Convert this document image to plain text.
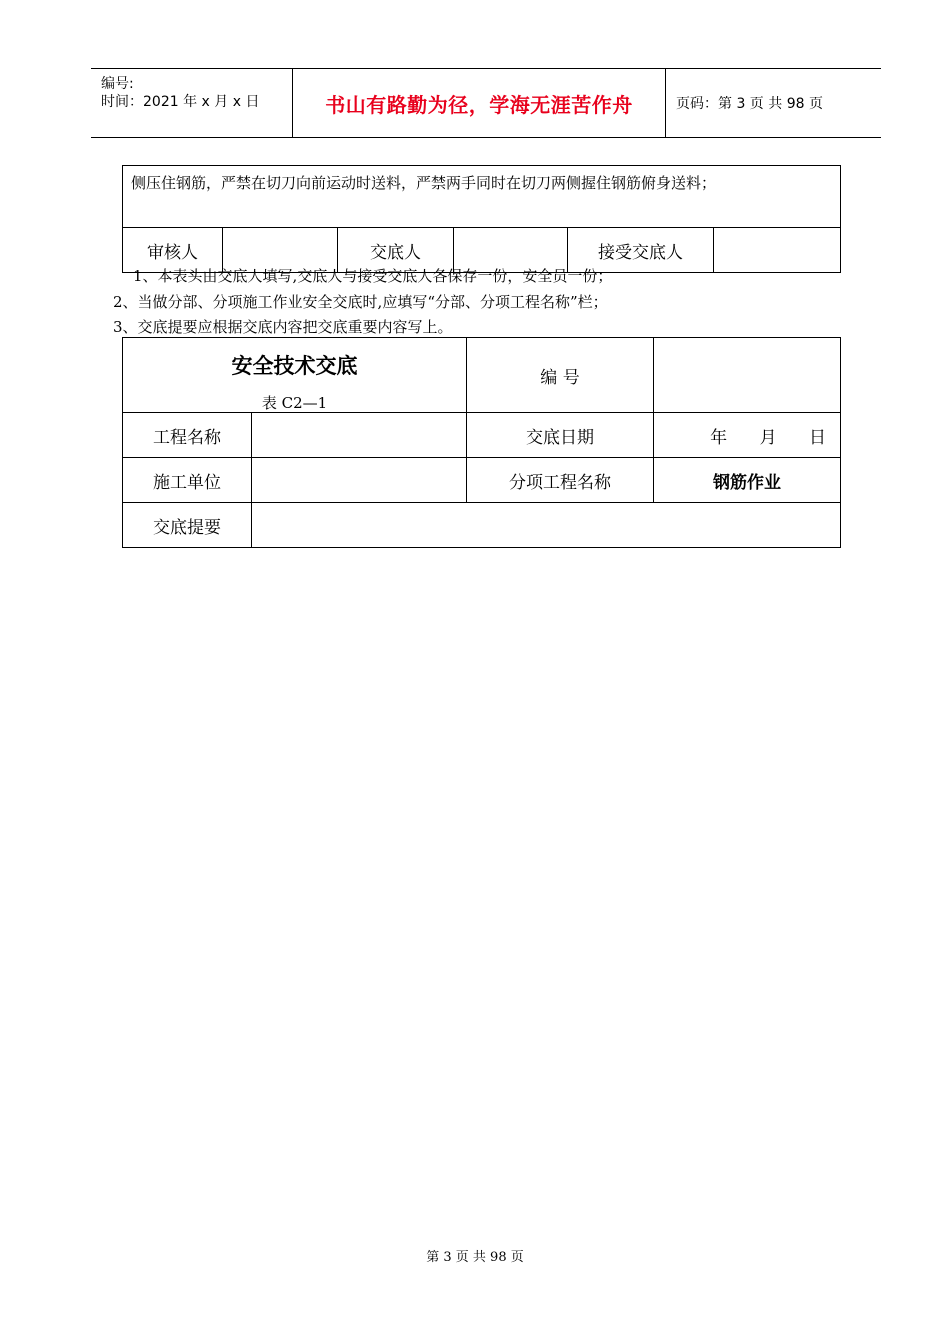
编号:
时间：2021 年 x 月 x 日	书山有路勤为径，学海无涯苦作舟	页码：第 3 页 共 98 页
侧压住钢筋，严禁在切刀向前运动时送料，严禁两手同时在切刀两侧握住钢筋俯身送料；
审核人		交底人		接受交底人	
1、本表头由交底人填写,交底人与接受交底人各保存一份，安全员一份；
2、当做分部、分项施工作业安全交底时,应填写“分部、分项工程名称”栏；
3、交底提要应根据交底内容把交底重要内容写上。
安全技术交底
表 C2—1		编 号	
工程名称		交底日期	年      月      日
施工单位		分项工程名称	钢筋作业
交底提要			
第 3 页 共 98 页
